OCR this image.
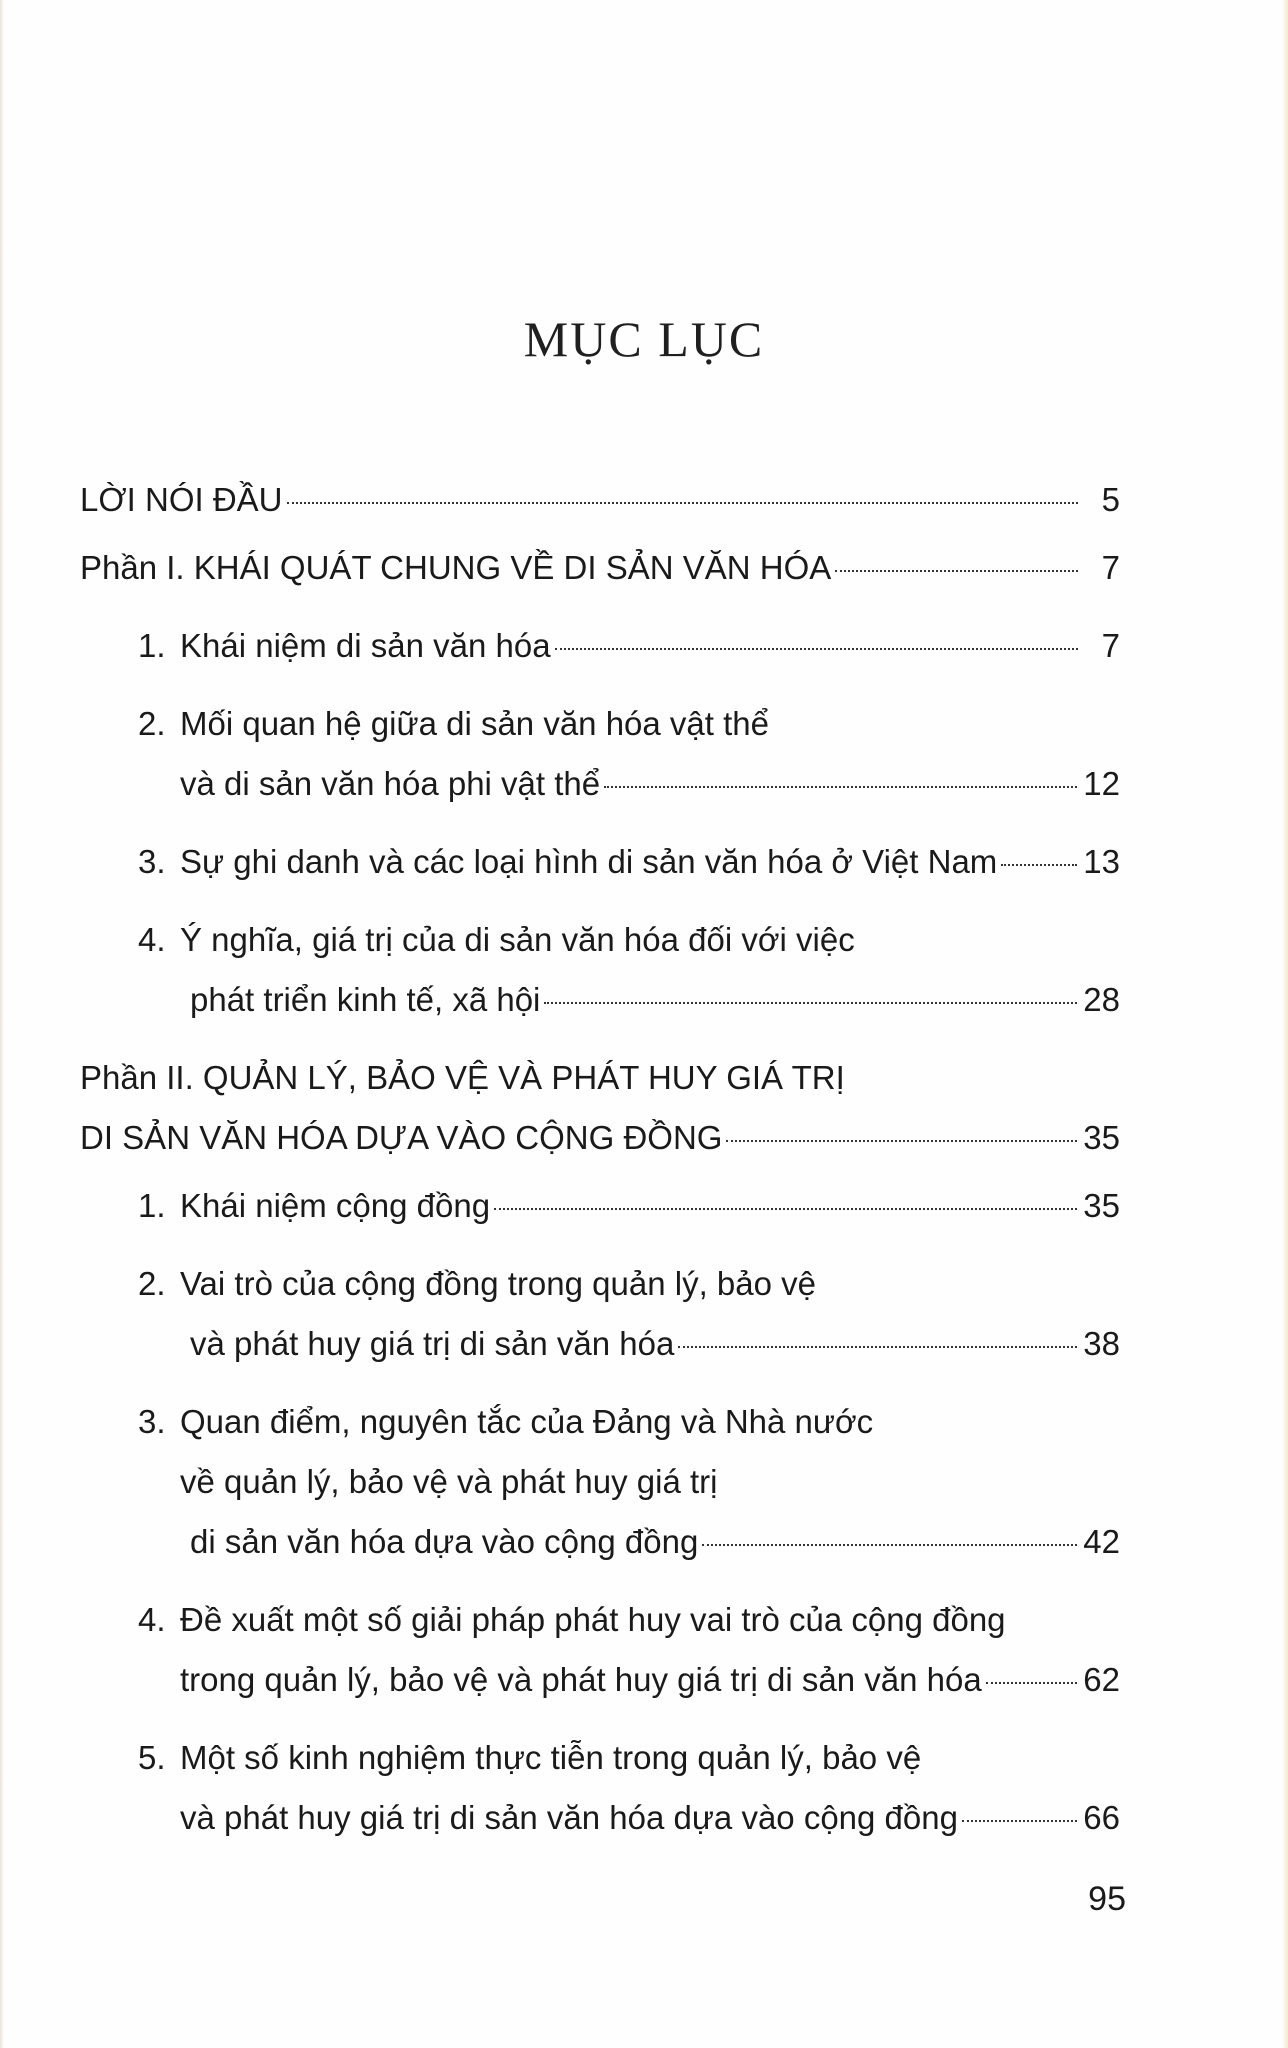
MỤC LỤC
LỜI NÓI ĐẦU	5
Phần I. KHÁI QUÁT CHUNG VỀ DI SẢN VĂN HÓA	7
1. Khái niệm di sản văn hóa	7
2. Mối quan hệ giữa di sản văn hóa vật thể
và di sản văn hóa phi vật thể	12
3. Sự ghi danh và các loại hình di sản văn hóa ở Việt Nam	13
4. Ý nghĩa, giá trị của di sản văn hóa đối với việc
phát triển kinh tế, xã hội	28
Phần II. QUẢN LÝ, BẢO VỆ VÀ PHÁT HUY GIÁ TRỊ
DI SẢN VĂN HÓA DỰA VÀO CỘNG ĐỒNG	35
1. Khái niệm cộng đồng	35
2. Vai trò của cộng đồng trong quản lý, bảo vệ
và phát huy giá trị di sản văn hóa	38
3. Quan điểm, nguyên tắc của Đảng và Nhà nước
về quản lý, bảo vệ và phát huy giá trị
di sản văn hóa dựa vào cộng đồng	42
4. Đề xuất một số giải pháp phát huy vai trò của cộng đồng
trong quản lý, bảo vệ và phát huy giá trị di sản văn hóa	62
5. Một số kinh nghiệm thực tiễn trong quản lý, bảo vệ
và phát huy giá trị di sản văn hóa dựa vào cộng đồng	66
95
